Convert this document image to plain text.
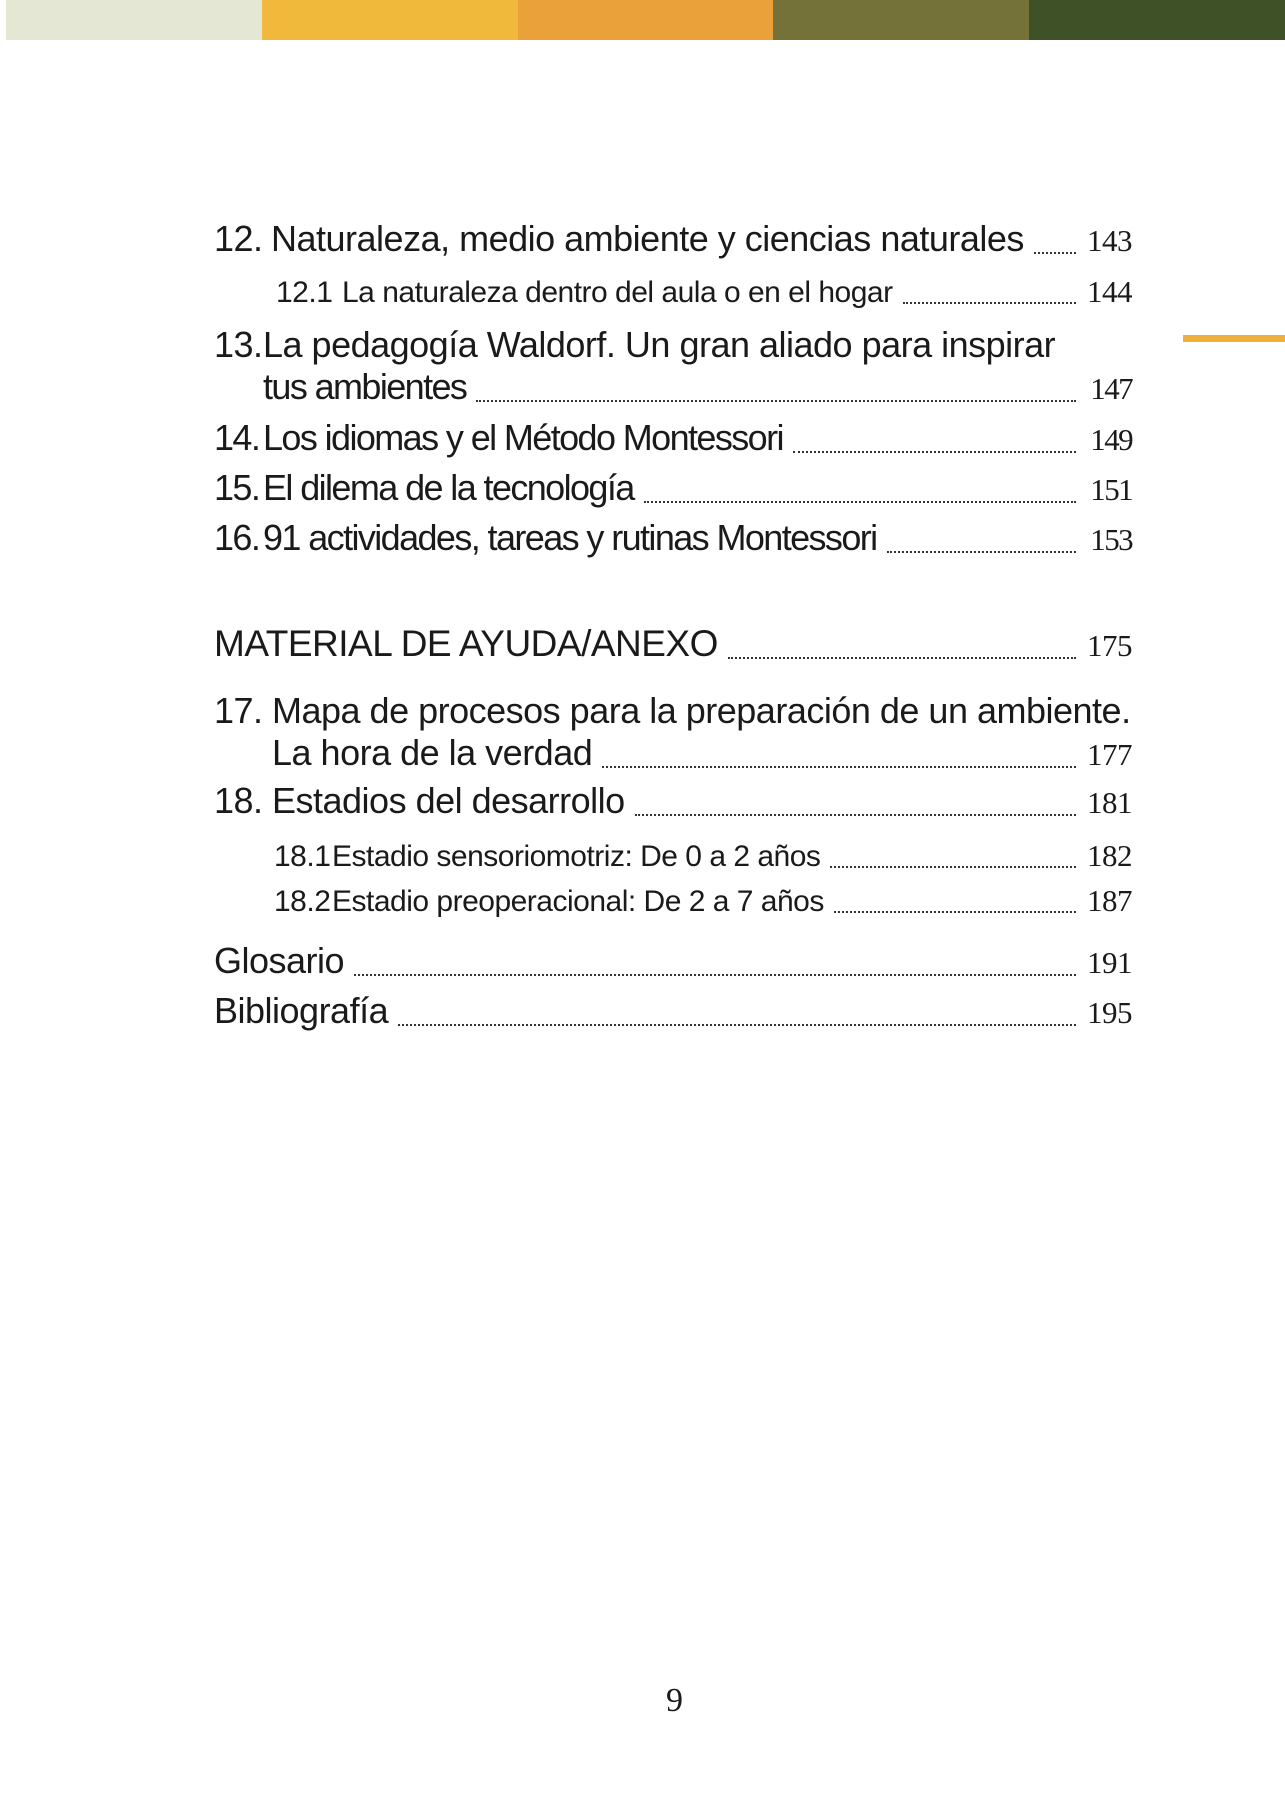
12. Naturaleza, medio ambiente y ciencias naturales 143
12.1 La naturaleza dentro del aula o en el hogar	144
13.La pedagogía Waldorf. Un gran aliado para inspirar
tus ambientes	147
14. Los idiomas y el Método Montessori	149
15. El dilema de la tecnología	151
16. 91 actividades, tareas y rutinas Montessori	153
MATERIAL DE AYUDA/ANEXO	175
17. Mapa de procesos para la preparación de un ambiente.
La hora de la verdad	177
18. Estadios del desarrollo	181
18.1 Estadio sensoriomotriz: De 0 a 2 años	182
18.2 Estadio preoperacional: De 2 a 7 años	187
Glosario	191
Bibliografía	195
9
